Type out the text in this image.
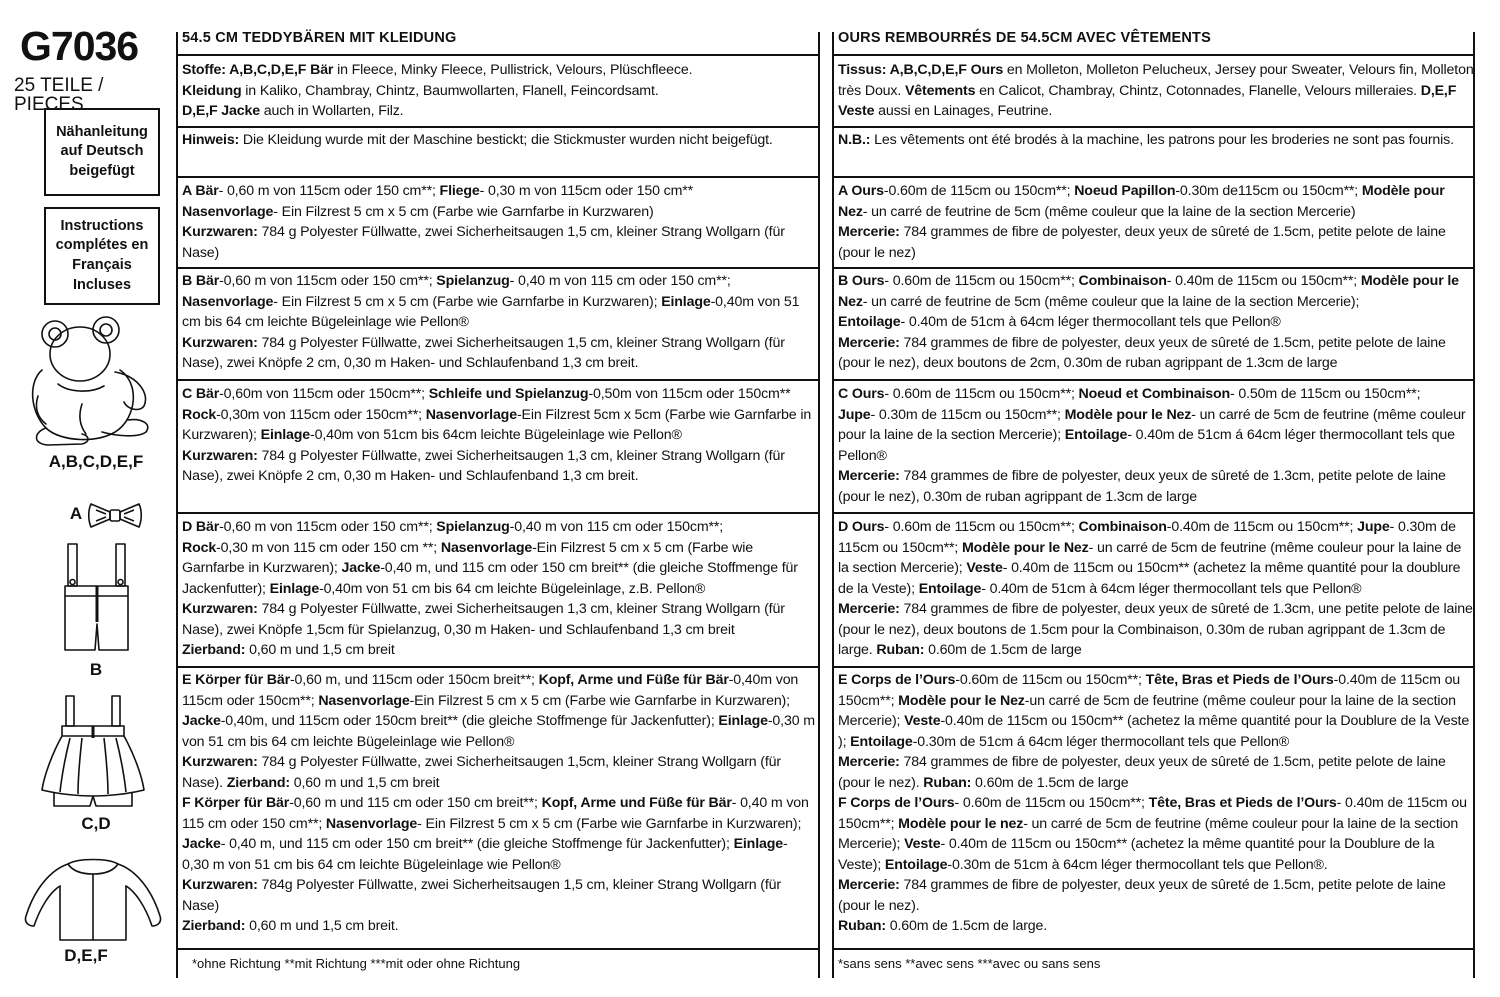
G7036
25 TEILE / PIECES
Nähanleitung auf Deutsch beigefügt
Instructions complétes en Français Incluses
A,B,C,D,E,F
A
B
C,D
D,E,F
54.5 CM TEDDYBÄREN MIT KLEIDUNG
Stoffe: A,B,C,D,E,F Bär in Fleece, Minky Fleece, Pullistrick, Velours, Plüschfleece.
Kleidung in Kaliko, Chambray, Chintz, Baumwollarten, Flanell, Feincordsamt.
D,E,F Jacke auch in Wollarten, Filz.
Hinweis: Die Kleidung wurde mit der Maschine bestickt; die Stickmuster wurden nicht beigefügt.
A Bär- 0,60 m von 115cm oder 150 cm**; Fliege- 0,30 m von 115cm oder 150 cm**
Nasenvorlage- Ein Filzrest 5 cm x 5 cm (Farbe wie Garnfarbe in Kurzwaren)
Kurzwaren: 784 g Polyester Füllwatte, zwei Sicherheitsaugen 1,5 cm, kleiner Strang Wollgarn (für Nase)
B Bär-0,60 m von 115cm oder 150 cm**; Spielanzug- 0,40 m von 115 cm oder 150 cm**;
Nasenvorlage- Ein Filzrest 5 cm x 5 cm (Farbe wie Garnfarbe in Kurzwaren); Einlage-0,40m von 51 cm bis 64 cm leichte Bügeleinlage wie Pellon®
Kurzwaren: 784 g Polyester Füllwatte, zwei Sicherheitsaugen 1,5 cm, kleiner Strang Wollgarn (für Nase), zwei Knöpfe 2 cm, 0,30 m Haken- und Schlaufenband 1,3 cm breit.
C Bär-0,60m von 115cm oder 150cm**; Schleife und Spielanzug-0,50m von 115cm oder 150cm**
Rock-0,30m von 115cm oder 150cm**; Nasenvorlage-Ein Filzrest 5cm x 5cm (Farbe wie Garnfarbe in Kurzwaren); Einlage-0,40m von 51cm bis 64cm leichte Bügeleinlage wie Pellon®
Kurzwaren: 784 g Polyester Füllwatte, zwei Sicherheitsaugen 1,3 cm, kleiner Strang Wollgarn (für Nase), zwei Knöpfe 2 cm, 0,30 m Haken- und Schlaufenband 1,3 cm breit.
D Bär-0,60 m von 115cm oder 150 cm**; Spielanzug-0,40 m von 115 cm oder 150cm**;
Rock-0,30 m von 115 cm oder 150 cm **; Nasenvorlage-Ein Filzrest 5 cm x 5 cm (Farbe wie Garnfarbe in Kurzwaren); Jacke-0,40 m, und 115 cm oder 150 cm breit** (die gleiche Stoffmenge für Jackenfutter); Einlage-0,40m von 51 cm bis 64 cm leichte Bügeleinlage, z.B. Pellon®
Kurzwaren: 784 g Polyester Füllwatte, zwei Sicherheitsaugen 1,3 cm, kleiner Strang Wollgarn (für Nase), zwei Knöpfe 1,5cm für Spielanzug, 0,30 m Haken- und Schlaufenband 1,3 cm breit
Zierband: 0,60 m und 1,5 cm breit
E Körper für Bär-0,60 m, und 115cm oder 150cm breit**; Kopf, Arme und Füße für Bär-0,40m von 115cm oder 150cm**; Nasenvorlage-Ein Filzrest 5 cm x 5 cm (Farbe wie Garnfarbe in Kurzwaren); Jacke-0,40m, und 115cm oder 150cm breit** (die gleiche Stoffmenge für Jackenfutter); Einlage-0,30 m von 51 cm bis 64 cm leichte Bügeleinlage wie Pellon®
Kurzwaren: 784 g Polyester Füllwatte, zwei Sicherheitsaugen 1,5cm, kleiner Strang Wollgarn (für Nase). Zierband: 0,60 m und 1,5 cm breit
F Körper für Bär-0,60 m und 115 cm oder 150 cm breit**; Kopf, Arme und Füße für Bär- 0,40 m von 115 cm oder 150 cm**; Nasenvorlage- Ein Filzrest 5 cm x 5 cm (Farbe wie Garnfarbe in Kurzwaren); Jacke- 0,40 m, und 115 cm oder 150 cm breit** (die gleiche Stoffmenge für Jackenfutter); Einlage- 0,30 m von 51 cm bis 64 cm leichte Bügeleinlage wie Pellon®
Kurzwaren: 784g Polyester Füllwatte, zwei Sicherheitsaugen 1,5 cm, kleiner Strang Wollgarn (für Nase)
Zierband: 0,60 m und 1,5 cm breit.
*ohne Richtung **mit Richtung ***mit oder ohne Richtung
OURS REMBOURRÉS DE 54.5CM AVEC VÊTEMENTS
Tissus: A,B,C,D,E,F Ours en Molleton, Molleton Pelucheux, Jersey pour Sweater, Velours fin, Molleton très Doux. Vêtements en Calicot, Chambray, Chintz, Cotonnades, Flanelle, Velours milleraies. D,E,F Veste aussi en Lainages, Feutrine.
N.B.: Les vêtements ont été brodés à la machine, les patrons pour les broderies ne sont pas fournis.
A Ours-0.60m de 115cm ou 150cm**; Noeud Papillon-0.30m de115cm ou 150cm**; Modèle pour Nez- un carré de feutrine de 5cm (même couleur que la laine de la section Mercerie)
Mercerie: 784 grammes de fibre de polyester, deux yeux de sûreté de 1.5cm, petite pelote de laine (pour le nez)
B Ours- 0.60m de 115cm ou 150cm**; Combinaison- 0.40m de 115cm ou 150cm**; Modèle pour le Nez- un carré de feutrine de 5cm (même couleur que la laine de la section Mercerie);
Entoilage- 0.40m de 51cm à 64cm léger thermocollant tels que Pellon®
Mercerie: 784 grammes de fibre de polyester, deux yeux de sûreté de 1.5cm, petite pelote de laine (pour le nez), deux boutons de 2cm, 0.30m de ruban agrippant de 1.3cm de large
C Ours- 0.60m de 115cm ou 150cm**; Noeud et Combinaison- 0.50m de 115cm ou 150cm**;
Jupe- 0.30m de 115cm ou 150cm**; Modèle pour le Nez- un carré de 5cm de feutrine (même couleur pour la laine de la section Mercerie); Entoilage- 0.40m de 51cm á 64cm léger thermocollant tels que Pellon®
Mercerie: 784 grammes de fibre de polyester, deux yeux de sûreté de 1.3cm, petite pelote de laine (pour le nez), 0.30m de ruban agrippant de 1.3cm de large
D Ours- 0.60m de 115cm ou 150cm**; Combinaison-0.40m de 115cm ou 150cm**; Jupe- 0.30m de 115cm ou 150cm**; Modèle pour le Nez- un carré de 5cm de feutrine (même couleur pour la laine de la section Mercerie); Veste- 0.40m de 115cm ou 150cm** (achetez la même quantité pour la doublure de la Veste); Entoilage- 0.40m de 51cm à 64cm léger thermocollant tels que Pellon®
Mercerie: 784 grammes de fibre de polyester, deux yeux de sûreté de 1.3cm, une petite pelote de laine (pour le nez), deux boutons de 1.5cm pour la Combinaison, 0.30m de ruban agrippant de 1.3cm de large. Ruban: 0.60m de 1.5cm de large
E Corps de l’Ours-0.60m de 115cm ou 150cm**; Tête, Bras et Pieds de l’Ours-0.40m de 115cm ou 150cm**; Modèle pour le Nez-un carré de 5cm de feutrine (même couleur pour la laine de la section Mercerie); Veste-0.40m de 115cm ou 150cm** (achetez la même quantité pour la Doublure de la Veste ); Entoilage-0.30m de 51cm á 64cm léger thermocollant tels que Pellon®
Mercerie: 784 grammes de fibre de polyester, deux yeux de sûreté de 1.5cm, petite pelote de laine (pour le nez). Ruban: 0.60m de 1.5cm de large
F Corps de l’Ours- 0.60m de 115cm ou 150cm**; Tête, Bras et Pieds de l’Ours- 0.40m de 115cm ou 150cm**; Modèle pour le nez- un carré de 5cm de feutrine (même couleur pour la laine de la section Mercerie); Veste- 0.40m de 115cm ou 150cm** (achetez la même quantité pour la Doublure de la Veste); Entoilage-0.30m de 51cm à 64cm léger thermocollant tels que Pellon®.
Mercerie: 784 grammes de fibre de polyester, deux yeux de sûreté de 1.5cm, petite pelote de laine (pour le nez).
Ruban: 0.60m de 1.5cm de large.
*sans sens **avec sens ***avec ou sans sens
